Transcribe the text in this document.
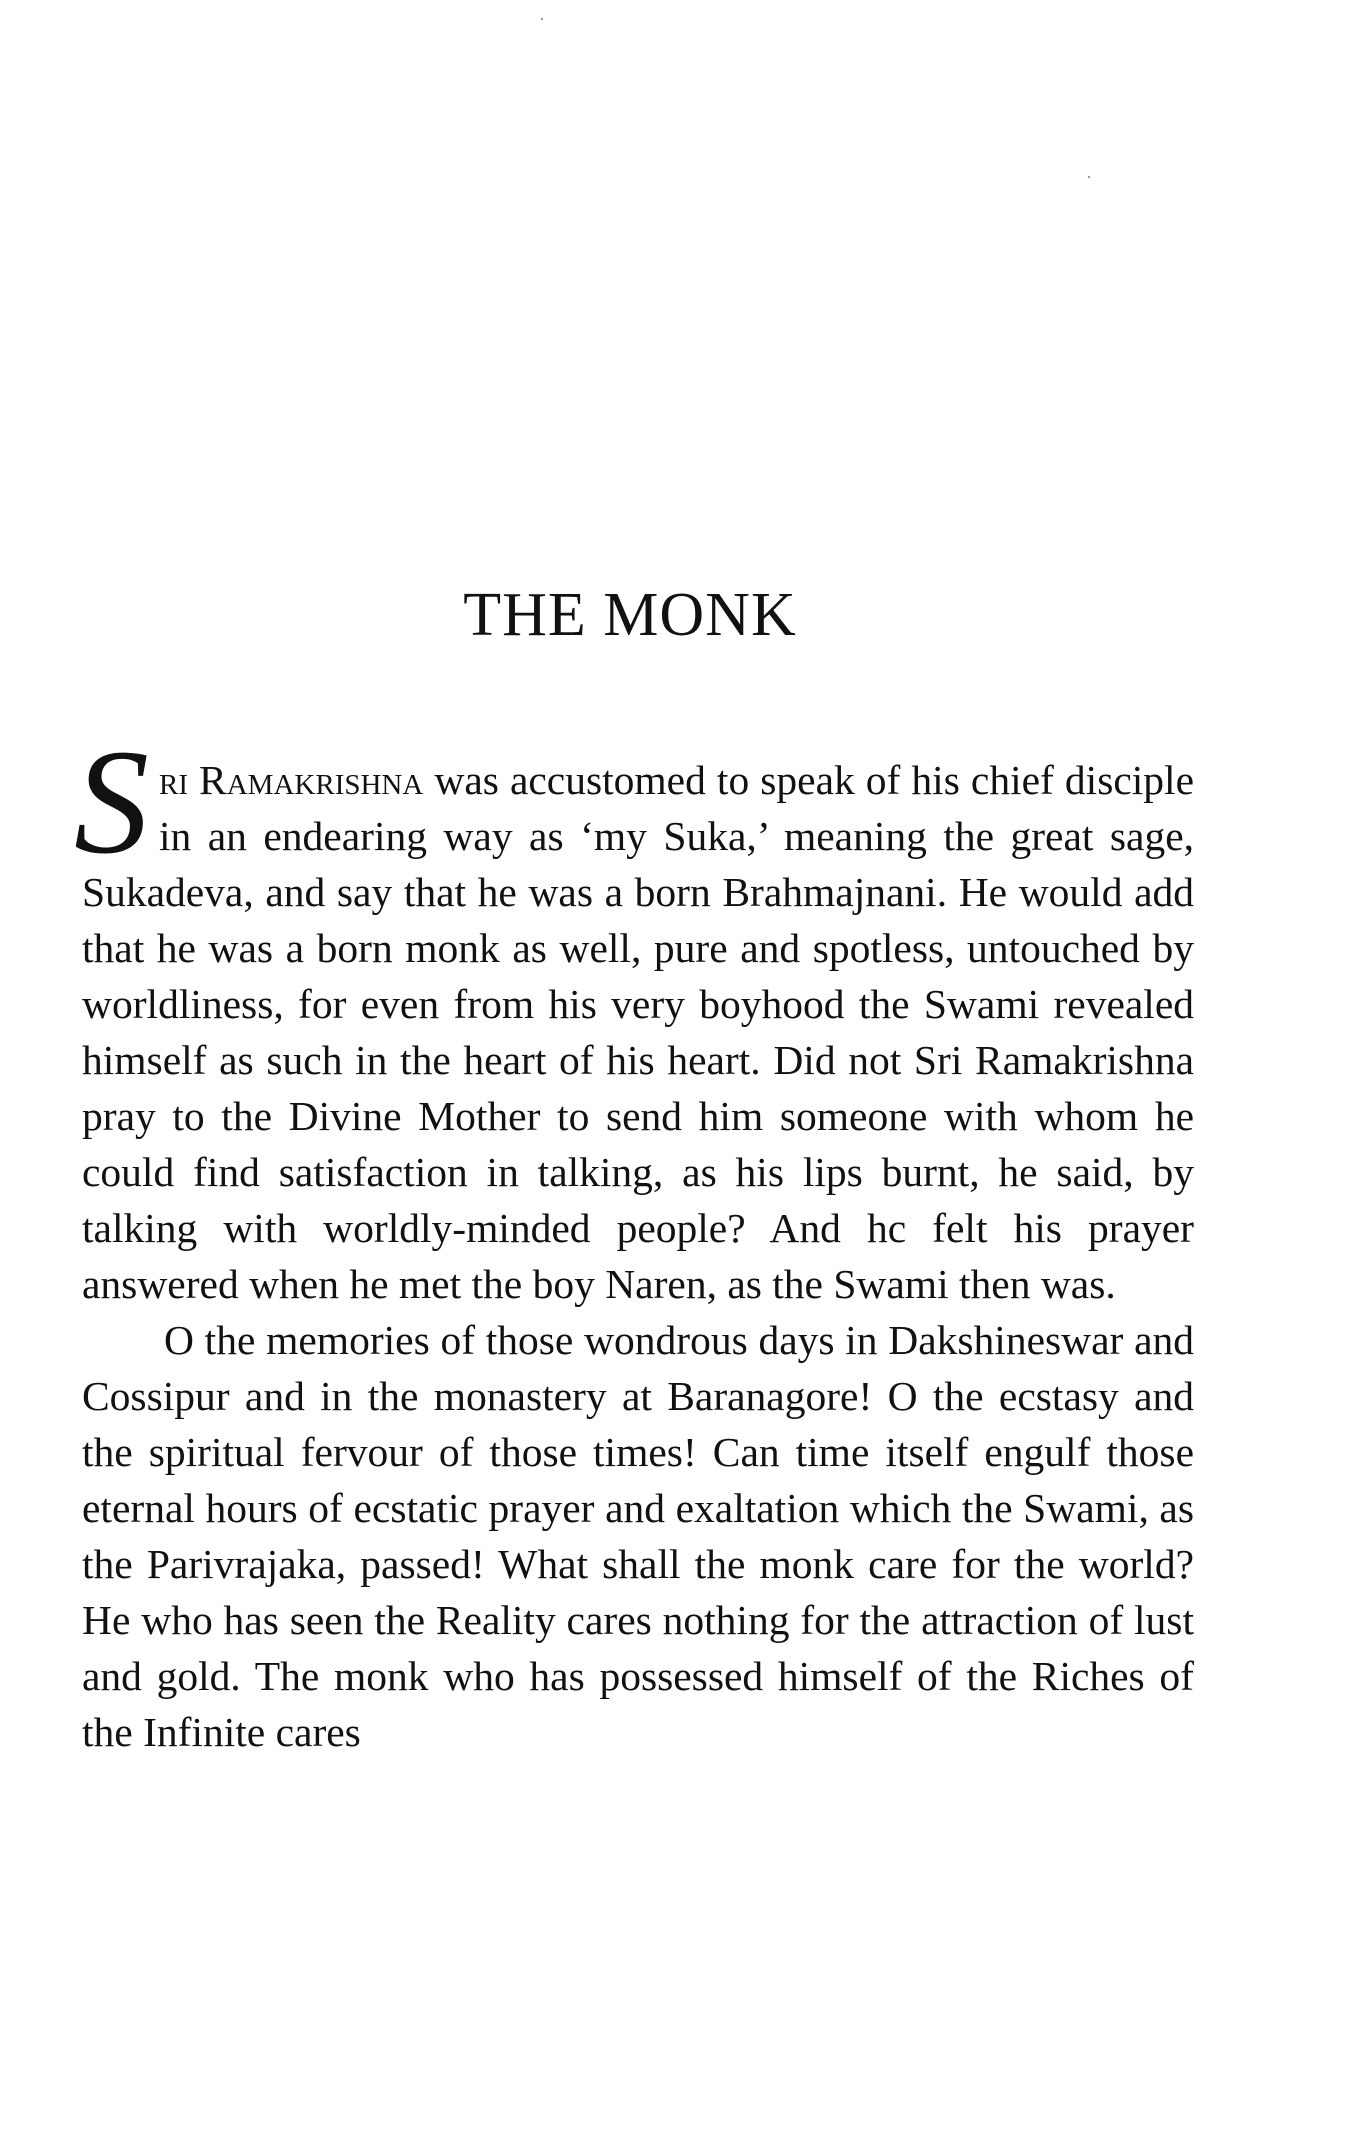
THE MONK

Sri Ramakrishna was accustomed to speak of his chief disciple in an endearing way as ‘my Suka,’ meaning the great sage, Sukadeva, and say that he was a born Brahmajnani. He would add that he was a born monk as well, pure and spotless, untouched by worldliness, for even from his very boyhood the Swami revealed himself as such in the heart of his heart. Did not Sri Ramakrishna pray to the Divine Mother to send him someone with whom he could find satisfaction in talking, as his lips burnt, he said, by talking with worldly-minded people? And hc felt his prayer answered when he met the boy Naren, as the Swami then was.

O the memories of those wondrous days in Dakshineswar and Cossipur and in the monastery at Baranagore! O the ecstasy and the spiritual fervour of those times! Can time itself engulf those eternal hours of ecstatic prayer and exaltation which the Swami, as the Parivrajaka, passed! What shall the monk care for the world? He who has seen the Reality cares nothing for the attraction of lust and gold. The monk who has possessed himself of the Riches of the Infinite cares
